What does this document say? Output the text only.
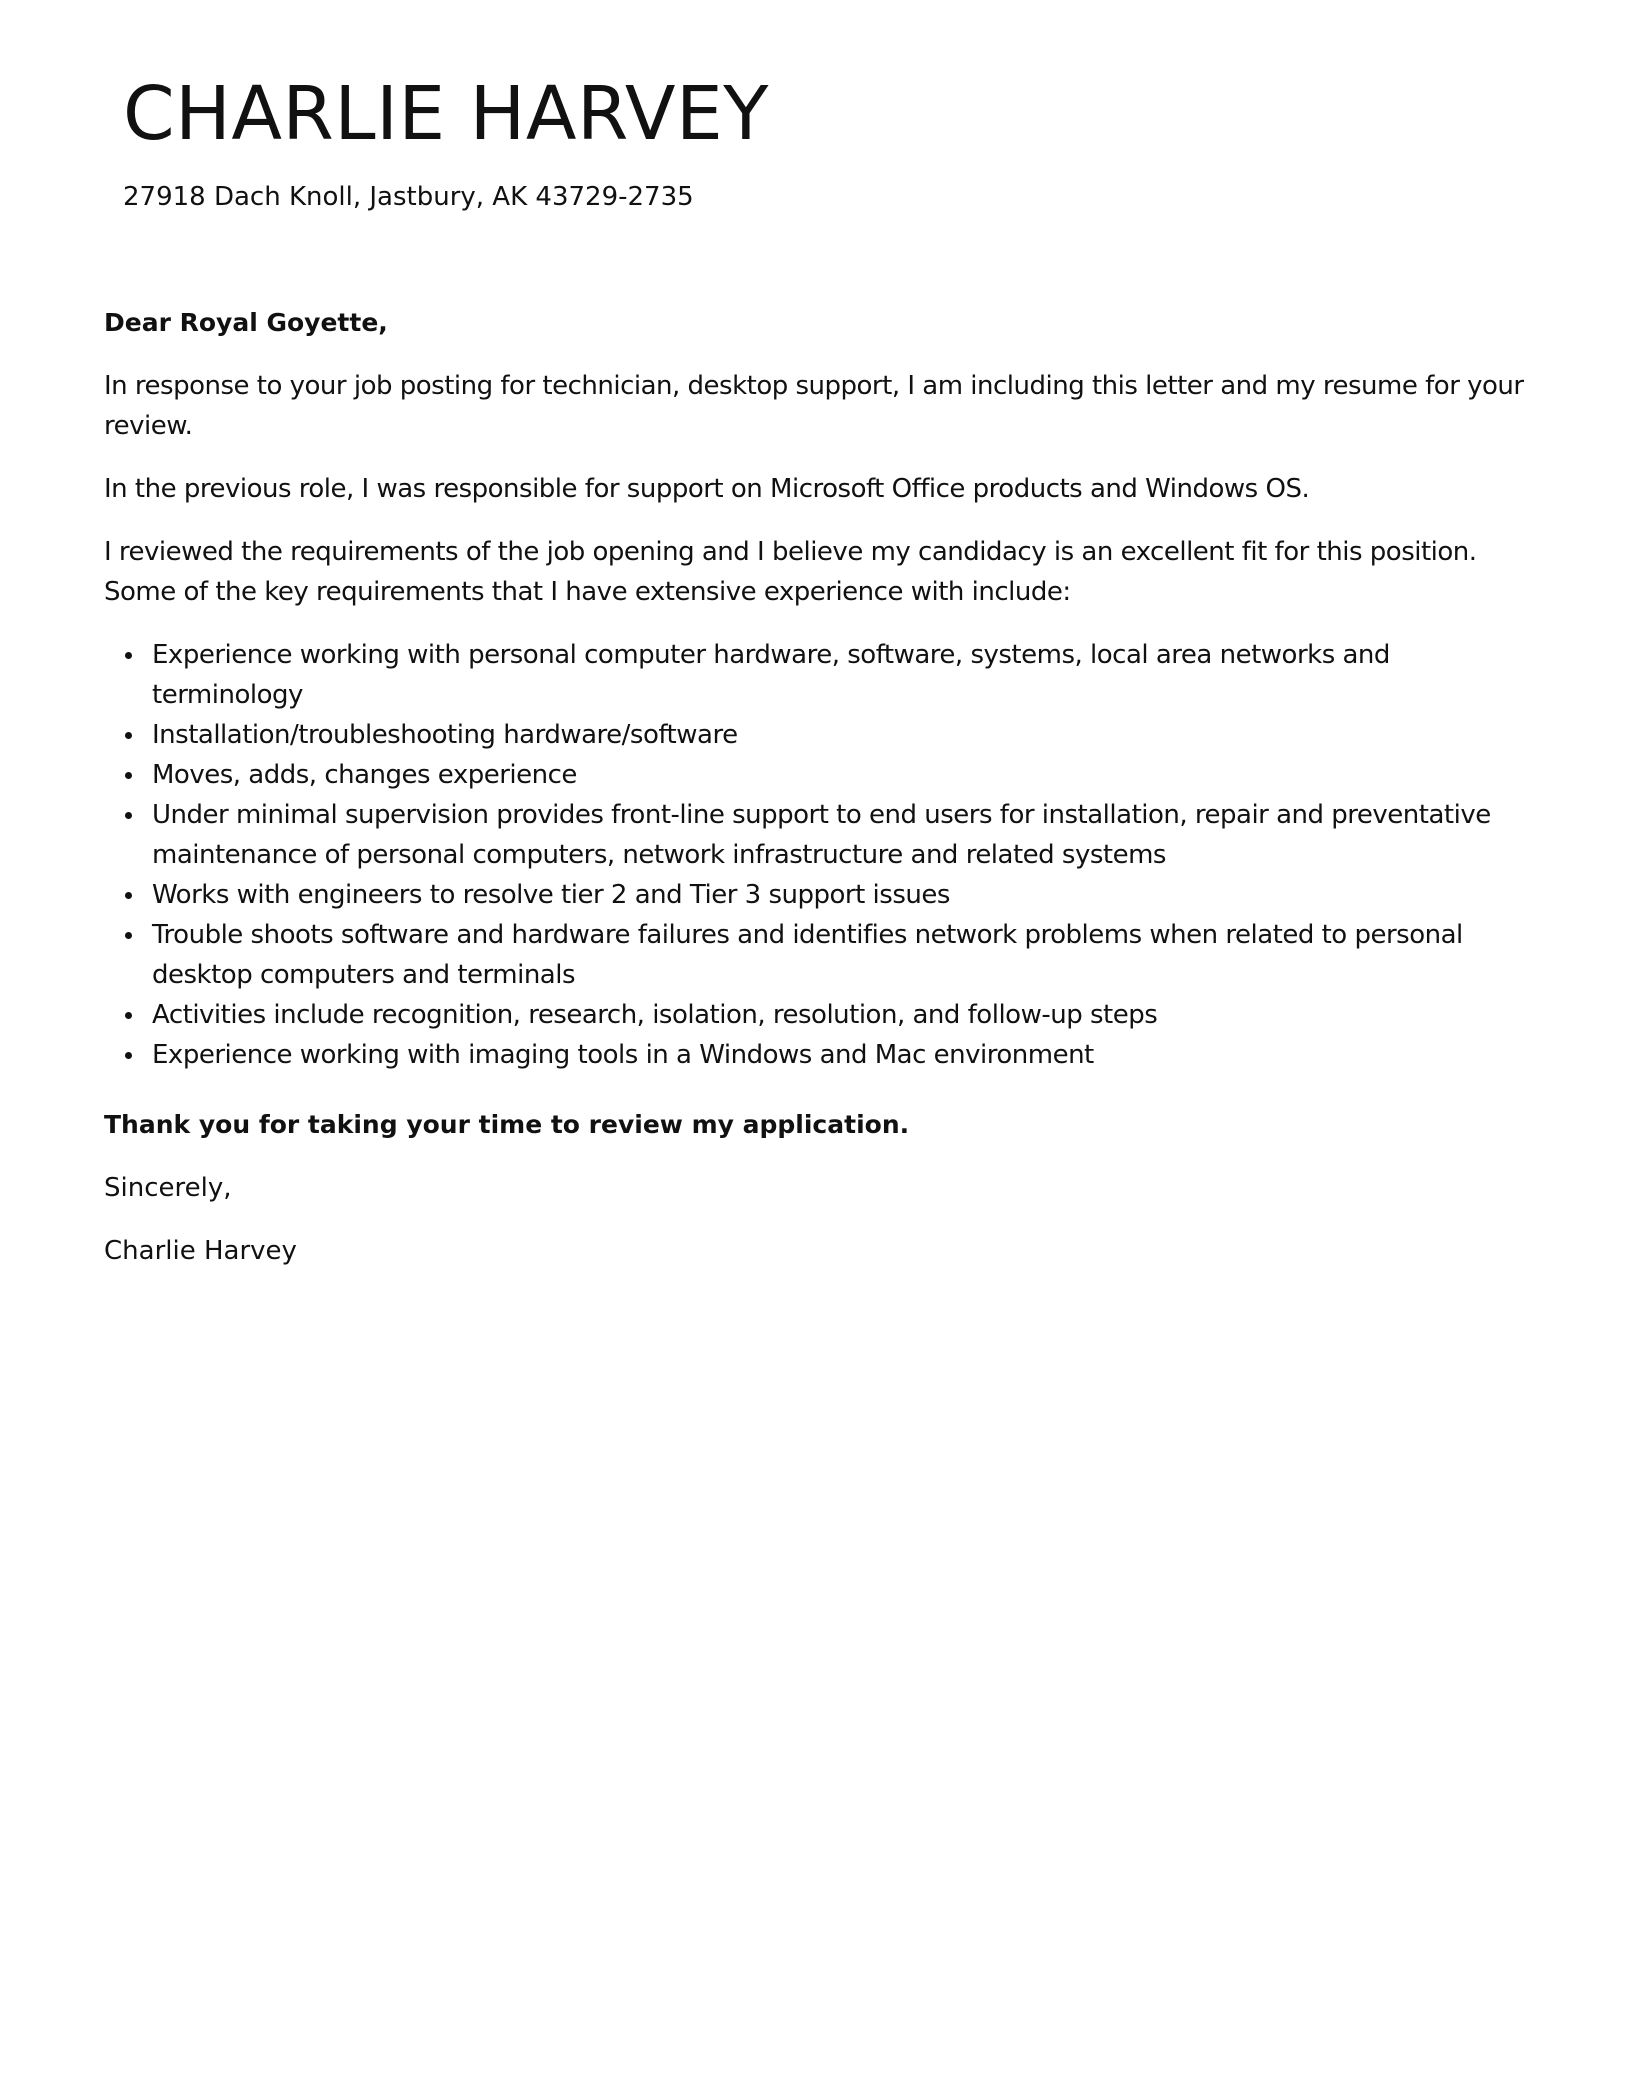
CHARLIE HARVEY
27918 Dach Knoll, Jastbury, AK 43729-2735

Dear Royal Goyette,

In response to your job posting for technician, desktop support, I am including this letter and my resume for your review.

In the previous role, I was responsible for support on Microsoft Office products and Windows OS.

I reviewed the requirements of the job opening and I believe my candidacy is an excellent fit for this position. Some of the key requirements that I have extensive experience with include:

Experience working with personal computer hardware, software, systems, local area networks and terminology
Installation/troubleshooting hardware/software
Moves, adds, changes experience
Under minimal supervision provides front-line support to end users for installation, repair and preventative maintenance of personal computers, network infrastructure and related systems
Works with engineers to resolve tier 2 and Tier 3 support issues
Trouble shoots software and hardware failures and identifies network problems when related to personal desktop computers and terminals
Activities include recognition, research, isolation, resolution, and follow-up steps
Experience working with imaging tools in a Windows and Mac environment

Thank you for taking your time to review my application.

Sincerely,

Charlie Harvey
